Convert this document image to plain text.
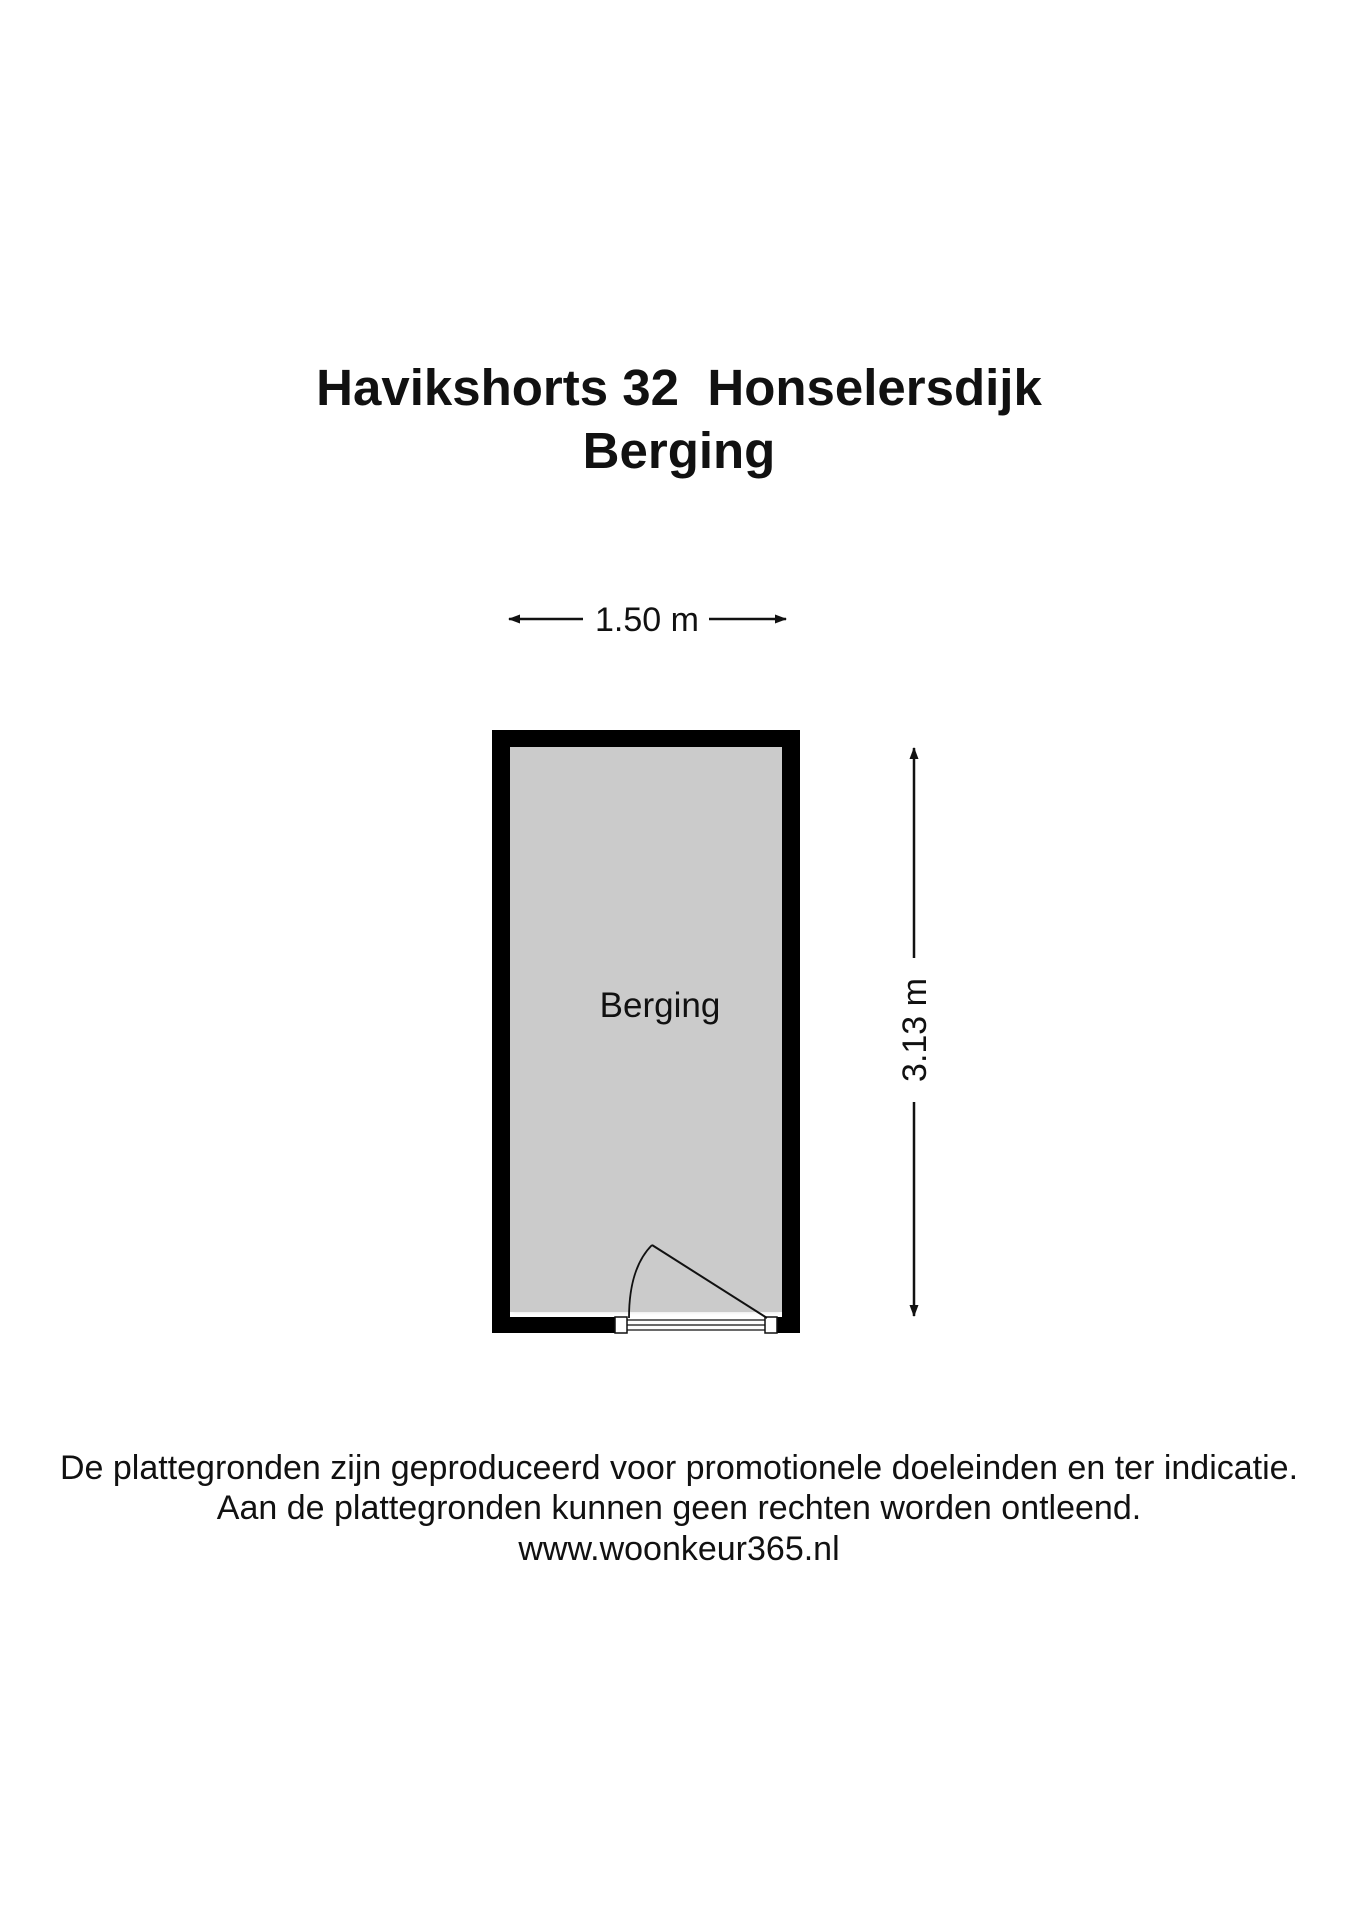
Havikshorts 32  Honselersdijk
Berging
1.50 m
Berging	3.13 m
De plattegronden zijn geproduceerd voor promotionele doeleinden en ter indicatie.
Aan de plattegronden kunnen geen rechten worden ontleend.
www.woonkeur365.nl
